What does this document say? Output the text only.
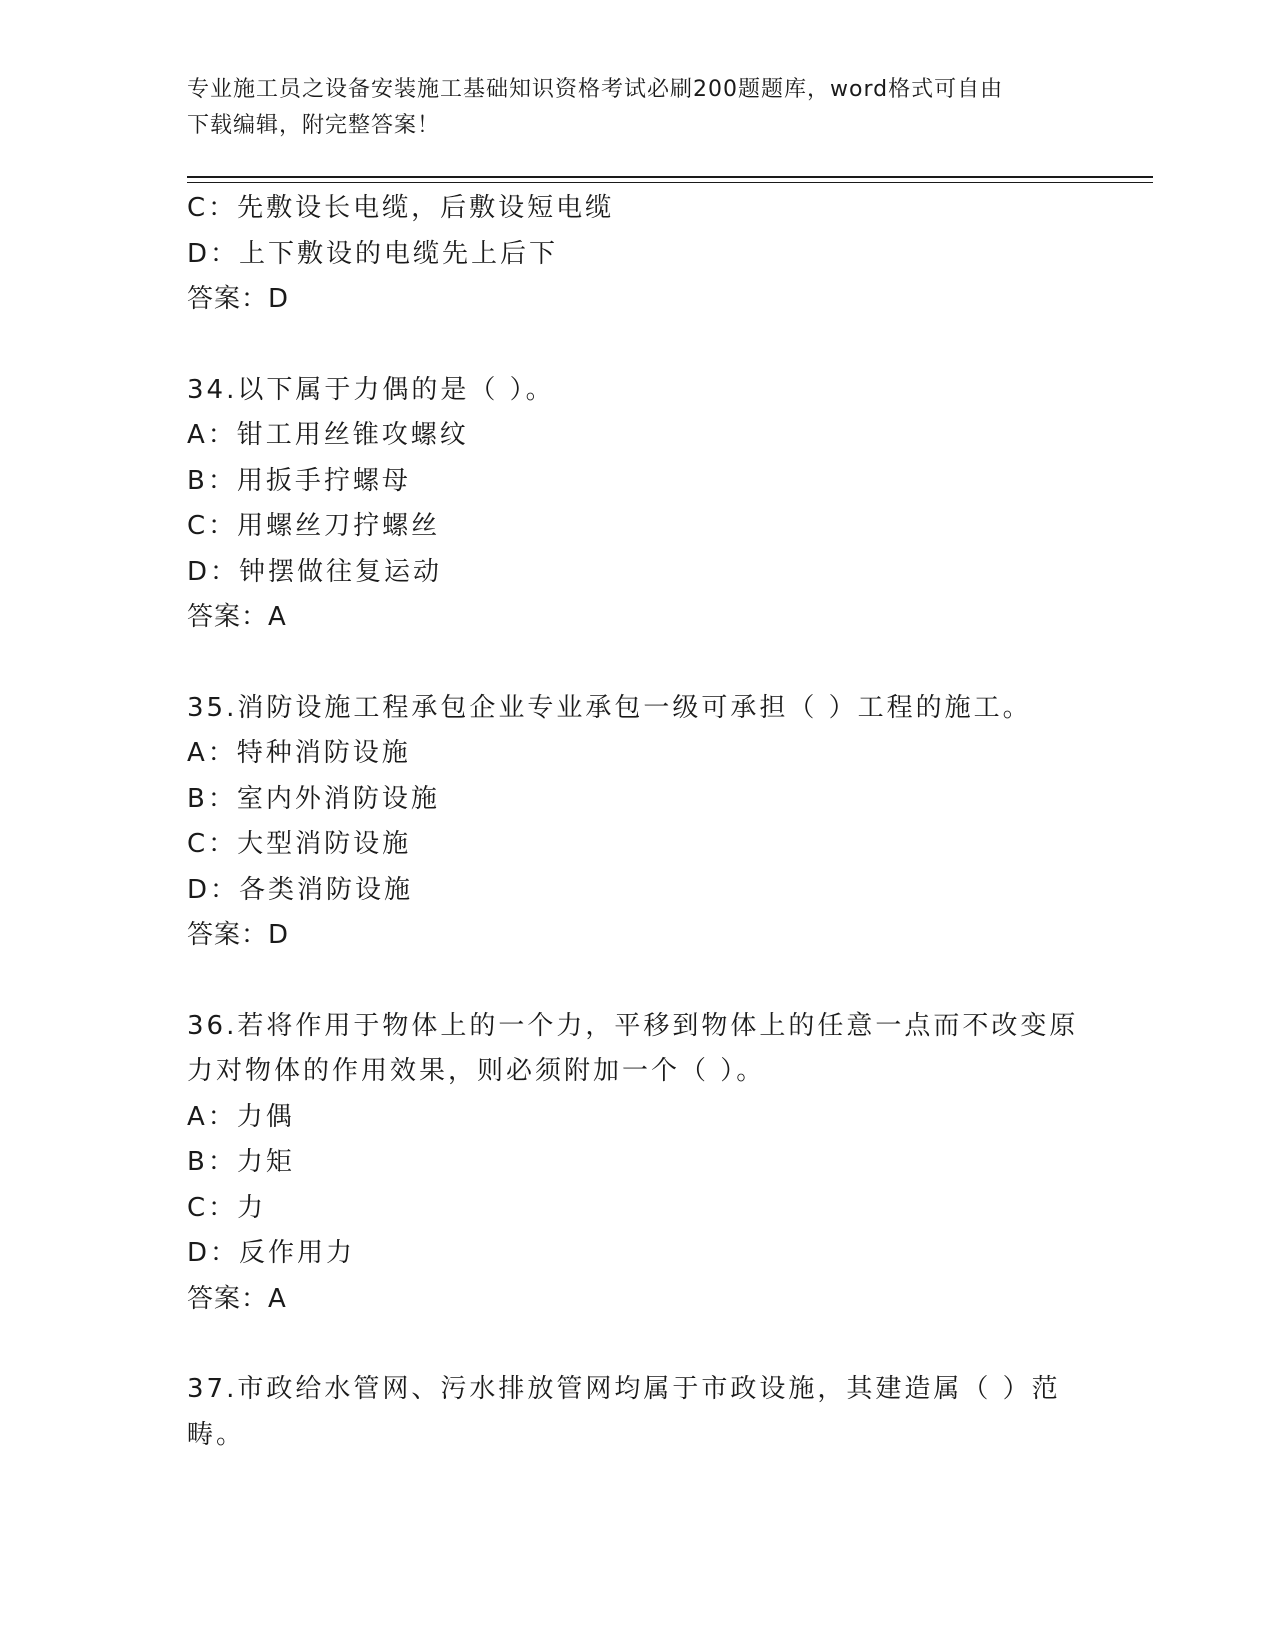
专业施工员之设备安装施工基础知识资格考试必刷200题题库，word格式可自由
下载编辑，附完整答案！
C：先敷设长电缆，后敷设短电缆
D：上下敷设的电缆先上后下
答案：D
34.以下属于力偶的是（ ）。
A：钳工用丝锥攻螺纹
B：用扳手拧螺母
C：用螺丝刀拧螺丝
D：钟摆做往复运动
答案：A
35.消防设施工程承包企业专业承包一级可承担（ ）工程的施工。
A：特种消防设施
B：室内外消防设施
C：大型消防设施
D：各类消防设施
答案：D
36.若将作用于物体上的一个力，平移到物体上的任意一点而不改变原
力对物体的作用效果，则必须附加一个（ ）。
A：力偶
B：力矩
C：力
D：反作用力
答案：A
37.市政给水管网、污水排放管网均属于市政设施，其建造属（ ）范
畴。
